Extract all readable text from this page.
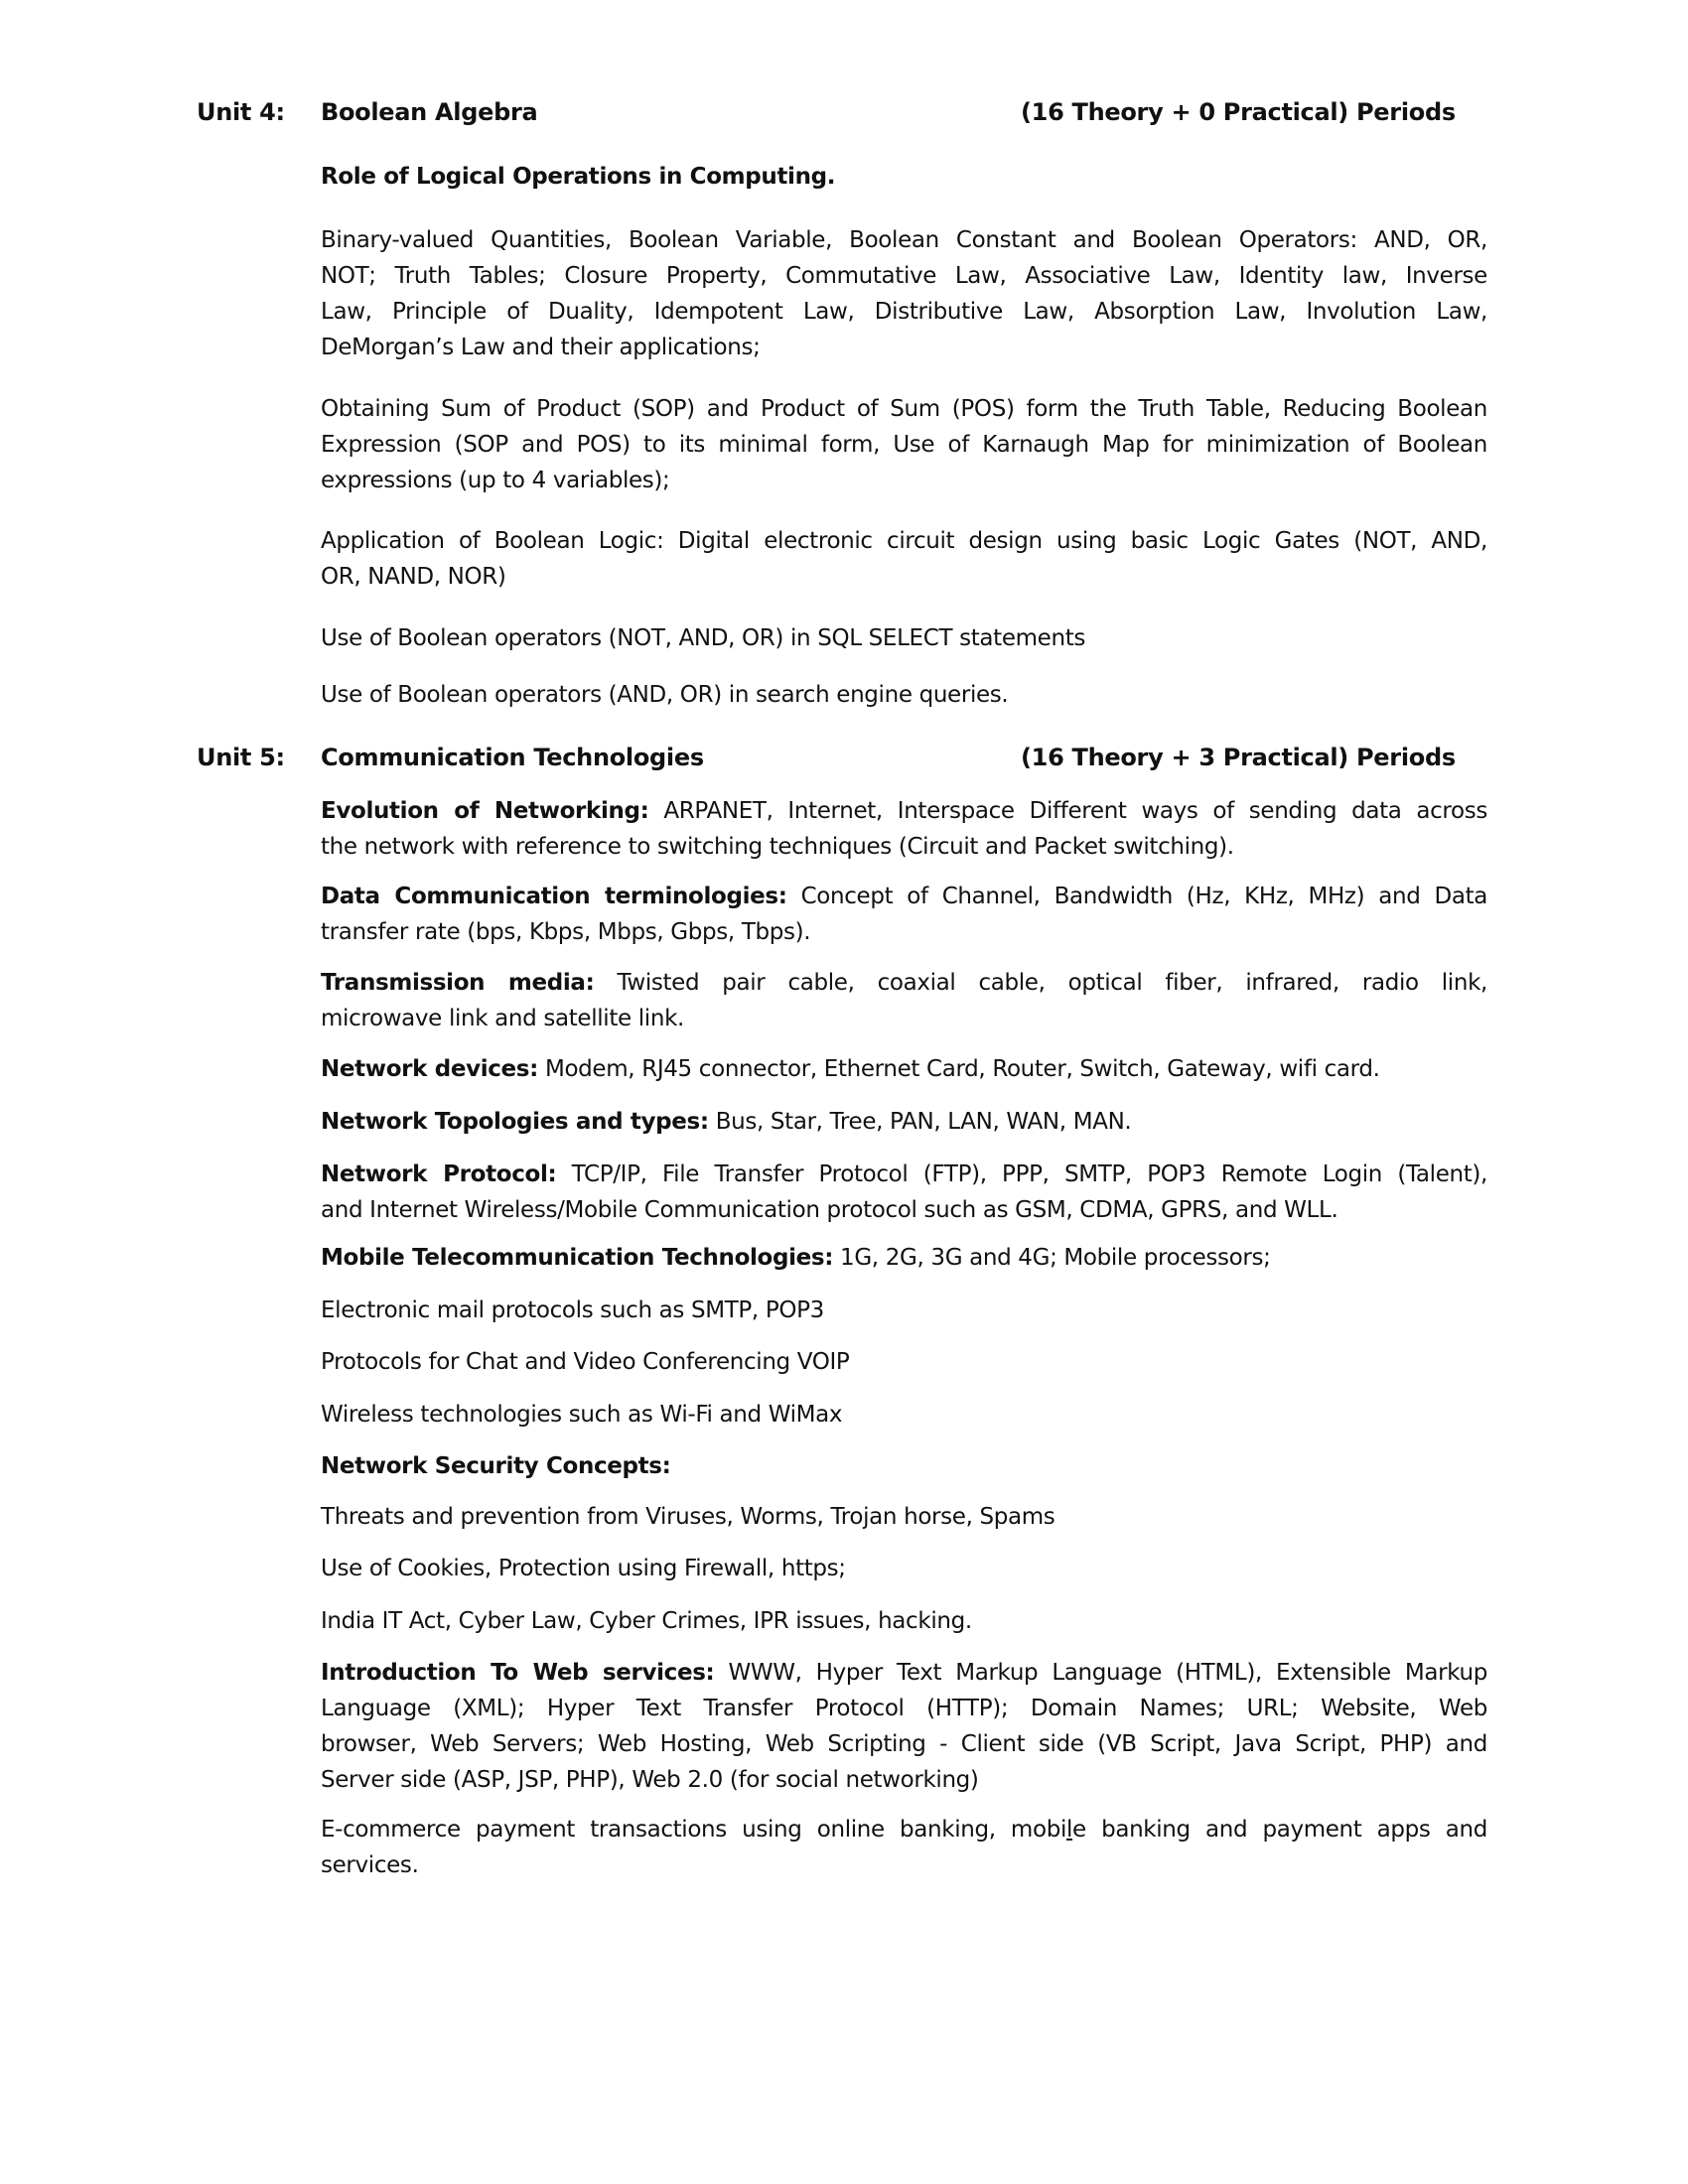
Unit 4: Boolean Algebra	(16 Theory + 0 Practical) Periods
Role of Logical Operations in Computing.
Binary-valued Quantities, Boolean Variable, Boolean Constant and Boolean Operators: AND, OR,
NOT; Truth Tables; Closure Property, Commutative Law, Associative Law, Identity law, Inverse
Law, Principle of Duality, Idempotent Law, Distributive Law, Absorption Law, Involution Law,
DeMorgan’s Law and their applications;
Obtaining Sum of Product (SOP) and Product of Sum (POS) form the Truth Table, Reducing Boolean
Expression (SOP and POS) to its minimal form, Use of Karnaugh Map for minimization of Boolean
expressions (up to 4 variables);
Application of Boolean Logic: Digital electronic circuit design using basic Logic Gates (NOT, AND,
OR, NAND, NOR)
Use of Boolean operators (NOT, AND, OR) in SQL SELECT statements
Use of Boolean operators (AND, OR) in search engine queries.
Unit 5: Communication Technologies	(16 Theory + 3 Practical) Periods
Evolution of Networking: ARPANET, Internet, Interspace Different ways of sending data across
the network with reference to switching techniques (Circuit and Packet switching).
Data Communication terminologies: Concept of Channel, Bandwidth (Hz, KHz, MHz) and Data
transfer rate (bps, Kbps, Mbps, Gbps, Tbps).
Transmission media: Twisted pair cable, coaxial cable, optical fiber, infrared, radio link,
microwave link and satellite link.
Network devices: Modem, RJ45 connector, Ethernet Card, Router, Switch, Gateway, wifi card.
Network Topologies and types: Bus, Star, Tree, PAN, LAN, WAN, MAN.
Network Protocol: TCP/IP, File Transfer Protocol (FTP), PPP, SMTP, POP3 Remote Login (Talent),
and Internet Wireless/Mobile Communication protocol such as GSM, CDMA, GPRS, and WLL.
Mobile Telecommunication Technologies: 1G, 2G, 3G and 4G; Mobile processors;
Electronic mail protocols such as SMTP, POP3
Protocols for Chat and Video Conferencing VOIP
Wireless technologies such as Wi-Fi and WiMax
Network Security Concepts:
Threats and prevention from Viruses, Worms, Trojan horse, Spams
Use of Cookies, Protection using Firewall, https;
India IT Act, Cyber Law, Cyber Crimes, IPR issues, hacking.
Introduction To Web services: WWW, Hyper Text Markup Language (HTML), Extensible Markup
Language (XML); Hyper Text Transfer Protocol (HTTP); Domain Names; URL; Website, Web
browser, Web Servers; Web Hosting, Web Scripting - Client side (VB Script, Java Script, PHP) and
Server side (ASP, JSP, PHP), Web 2.0 (for social networking)
E-commerce payment transactions using online banking, mobile banking and payment apps and
services.
